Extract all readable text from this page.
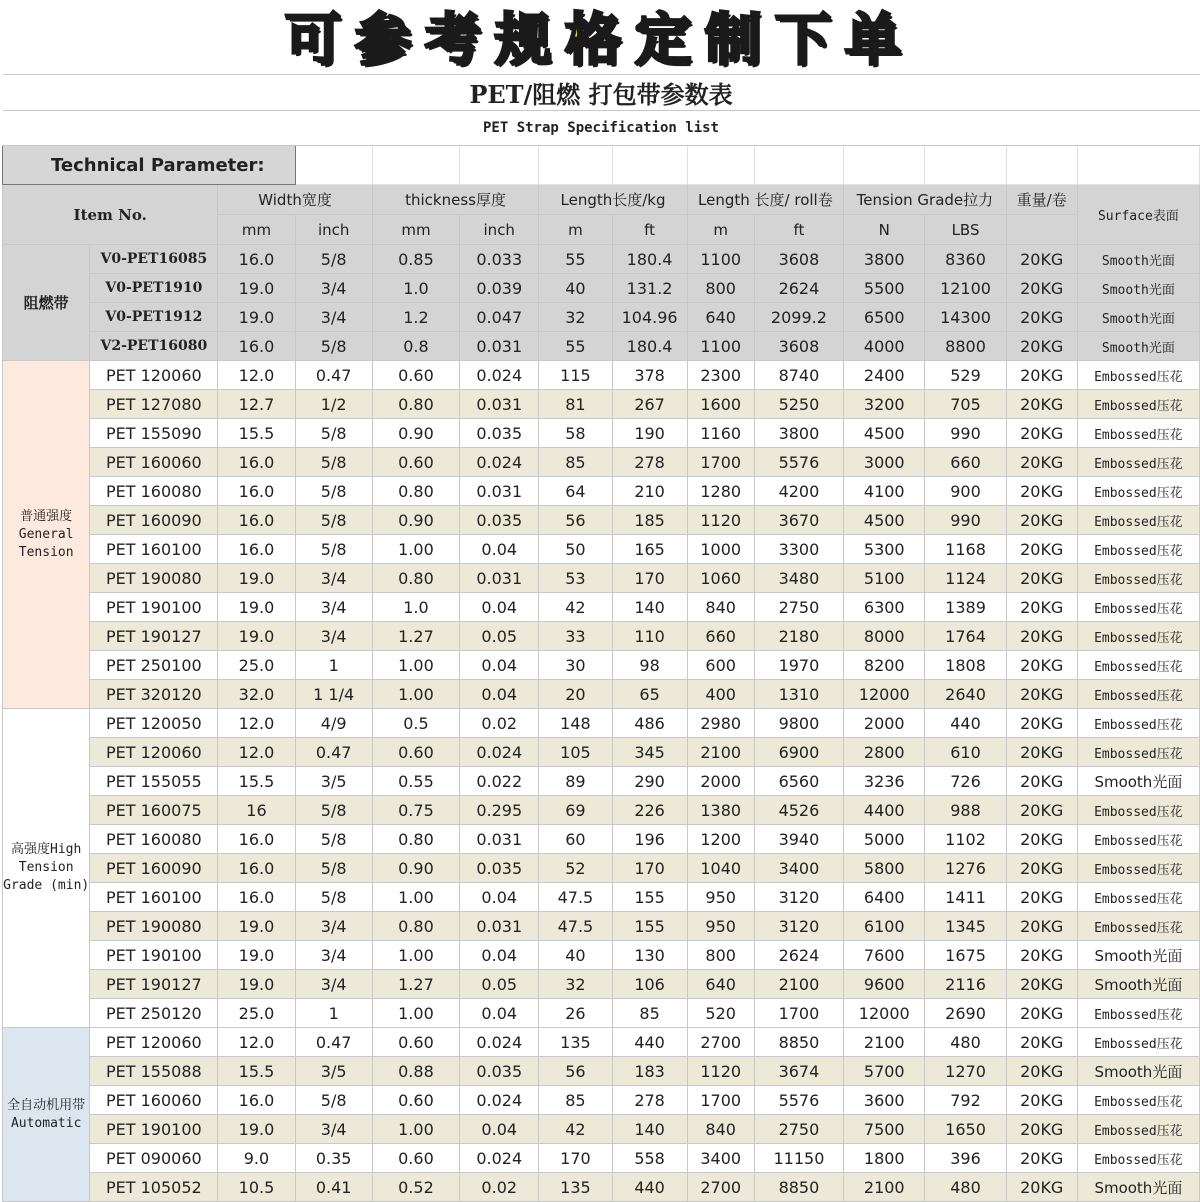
可参考规格定制下单
PET/阻燃 打包带参数表													
PET Strap Specification list													
Technical Parameter:													
Item No.		Width宽度		thickness厚度		Length长度/kg		Length 长度/ roll卷		Tension Grade拉力		重量/卷	Surface表面
		mm	inch	mm	inch	m	ft	m	ft	N	LBS		
阻燃带	V0-PET16085	16.0	5/8	0.85	0.033	55	180.4	1100	3608	3800	8360	20KG	Smooth光面
	V0-PET1910	19.0	3/4	1.0	0.039	40	131.2	800	2624	5500	12100	20KG	Smooth光面
	V0-PET1912	19.0	3/4	1.2	0.047	32	104.96	640	2099.2	6500	14300	20KG	Smooth光面
	V2-PET16080	16.0	5/8	0.8	0.031	55	180.4	1100	3608	4000	8800	20KG	Smooth光面
普通强度 General Tension	PET 120060	12.0	0.47	0.60	0.024	115	378	2300	8740	2400	529	20KG	Embossed压花
	PET 127080	12.7	1/2	0.80	0.031	81	267	1600	5250	3200	705	20KG	Embossed压花
	PET 155090	15.5	5/8	0.90	0.035	58	190	1160	3800	4500	990	20KG	Embossed压花
	PET 160060	16.0	5/8	0.60	0.024	85	278	1700	5576	3000	660	20KG	Embossed压花
	PET 160080	16.0	5/8	0.80	0.031	64	210	1280	4200	4100	900	20KG	Embossed压花
	PET 160090	16.0	5/8	0.90	0.035	56	185	1120	3670	4500	990	20KG	Embossed压花
	PET 160100	16.0	5/8	1.00	0.04	50	165	1000	3300	5300	1168	20KG	Embossed压花
	PET 190080	19.0	3/4	0.80	0.031	53	170	1060	3480	5100	1124	20KG	Embossed压花
	PET 190100	19.0	3/4	1.0	0.04	42	140	840	2750	6300	1389	20KG	Embossed压花
	PET 190127	19.0	3/4	1.27	0.05	33	110	660	2180	8000	1764	20KG	Embossed压花
	PET 250100	25.0	1	1.00	0.04	30	98	600	1970	8200	1808	20KG	Embossed压花
	PET 320120	32.0	1 1/4	1.00	0.04	20	65	400	1310	12000	2640	20KG	Embossed压花
高强度High Tension Grade (min)	PET 120050	12.0	4/9	0.5	0.02	148	486	2980	9800	2000	440	20KG	Embossed压花
	PET 120060	12.0	0.47	0.60	0.024	105	345	2100	6900	2800	610	20KG	Embossed压花
	PET 155055	15.5	3/5	0.55	0.022	89	290	2000	6560	3236	726	20KG	Smooth光面
	PET 160075	16	5/8	0.75	0.295	69	226	1380	4526	4400	988	20KG	Embossed压花
	PET 160080	16.0	5/8	0.80	0.031	60	196	1200	3940	5000	1102	20KG	Embossed压花
	PET 160090	16.0	5/8	0.90	0.035	52	170	1040	3400	5800	1276	20KG	Embossed压花
	PET 160100	16.0	5/8	1.00	0.04	47.5	155	950	3120	6400	1411	20KG	Embossed压花
	PET 190080	19.0	3/4	0.80	0.031	47.5	155	950	3120	6100	1345	20KG	Embossed压花
	PET 190100	19.0	3/4	1.00	0.04	40	130	800	2624	7600	1675	20KG	Smooth光面
	PET 190127	19.0	3/4	1.27	0.05	32	106	640	2100	9600	2116	20KG	Smooth光面
	PET 250120	25.0	1	1.00	0.04	26	85	520	1700	12000	2690	20KG	Embossed压花
全自动机用带 Automatic	PET 120060	12.0	0.47	0.60	0.024	135	440	2700	8850	2100	480	20KG	Embossed压花
	PET 155088	15.5	3/5	0.88	0.035	56	183	1120	3674	5700	1270	20KG	Smooth光面
	PET 160060	16.0	5/8	0.60	0.024	85	278	1700	5576	3600	792	20KG	Embossed压花
	PET 190100	19.0	3/4	1.00	0.04	42	140	840	2750	7500	1650	20KG	Embossed压花
	PET 090060	9.0	0.35	0.60	0.024	170	558	3400	11150	1800	396	20KG	Embossed压花
	PET 105052	10.5	0.41	0.52	0.02	135	440	2700	8850	2100	480	20KG	Smooth光面
